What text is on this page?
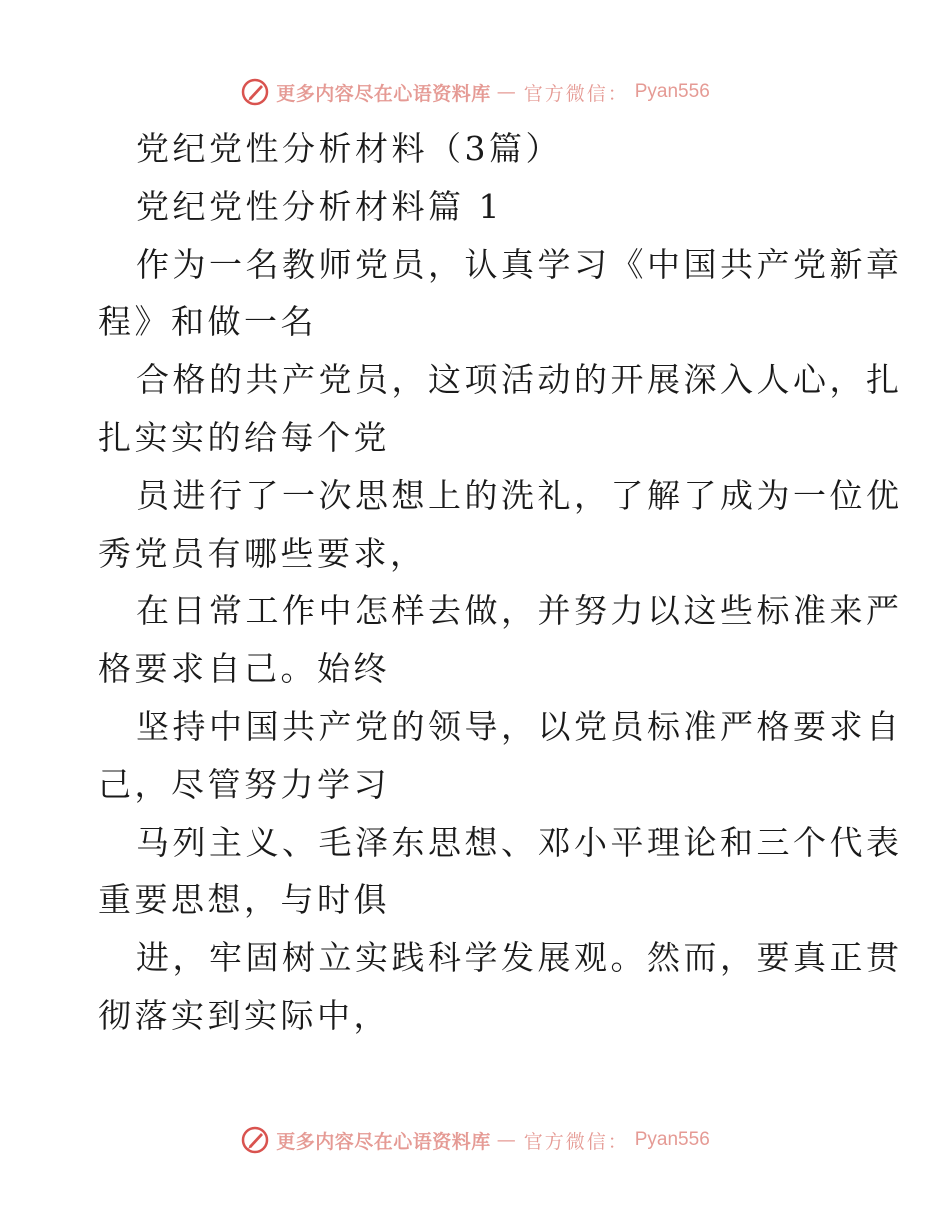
更多内容尽在心语资料库 — 官方微信： Pyan556
党纪党性分析材料（3篇）
党纪党性分析材料篇 1
作为一名教师党员，认真学习《中国共产党新章
程》和做一名
合格的共产党员，这项活动的开展深入人心，扎
扎实实的给每个党
员进行了一次思想上的洗礼，了解了成为一位优
秀党员有哪些要求，
在日常工作中怎样去做，并努力以这些标准来严
格要求自己。始终
坚持中国共产党的领导，以党员标准严格要求自
己，尽管努力学习
马列主义、毛泽东思想、邓小平理论和三个代表
重要思想，与时俱
进，牢固树立实践科学发展观。然而，要真正贯
彻落实到实际中，
更多内容尽在心语资料库 — 官方微信： Pyan556
